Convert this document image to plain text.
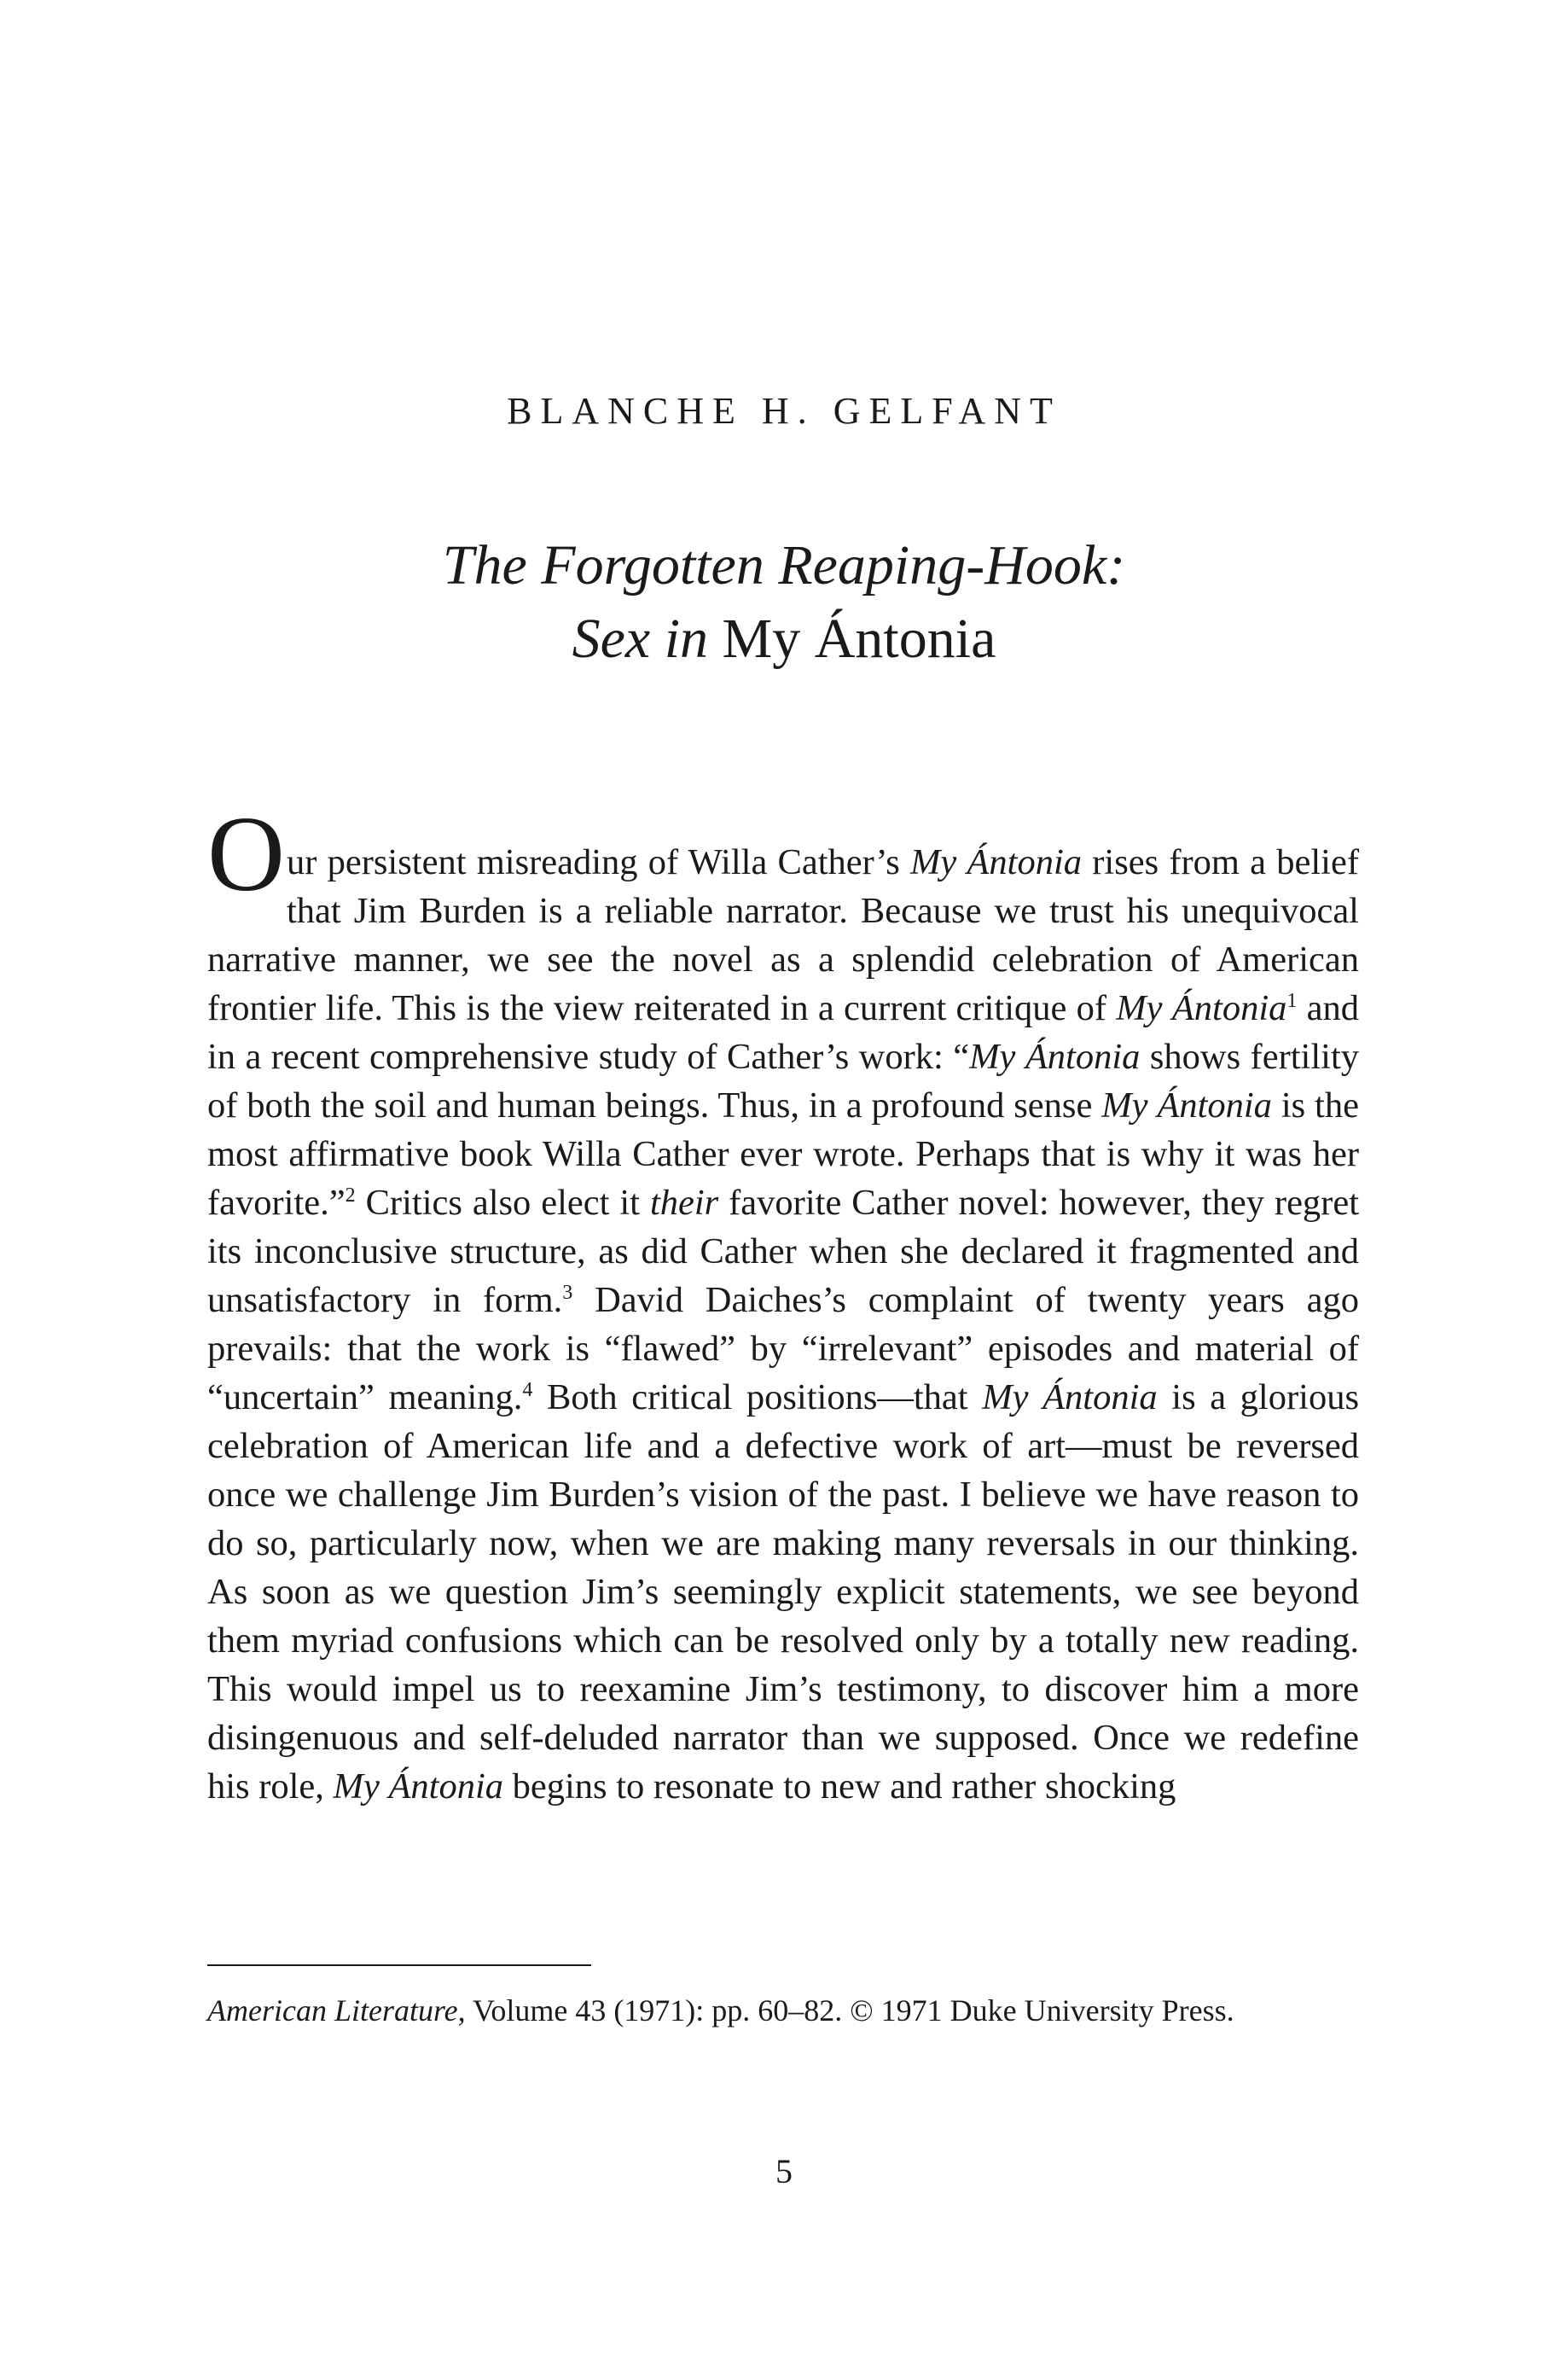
BLANCHE H. GELFANT
The Forgotten Reaping-Hook:
Sex in My Ántonia
Our persistent misreading of Willa Cather’s My Ántonia rises from a belief that Jim Burden is a reliable narrator. Because we trust his unequivocal narrative manner, we see the novel as a splendid celebration of American frontier life. This is the view reiterated in a current critique of My Ántonia$^1$ and in a recent comprehensive study of Cather’s work: “My Ántonia shows fertility of both the soil and human beings. Thus, in a profound sense My Ántonia is the most affirmative book Willa Cather ever wrote. Perhaps that is why it was her favorite.”$^2$ Critics also elect it their favorite Cather novel: however, they regret its inconclusive structure, as did Cather when she declared it fragmented and unsatisfactory in form.$^3$ David Daiches’s complaint of twenty years ago prevails: that the work is “flawed” by “irrelevant” episodes and material of “uncertain” meaning.$^4$ Both critical positions—that My Ántonia is a glorious celebration of American life and a defective work of art—must be reversed once we challenge Jim Burden’s vision of the past. I believe we have reason to do so, particularly now, when we are making many reversals in our thinking. As soon as we question Jim’s seemingly explicit statements, we see beyond them myriad confusions which can be resolved only by a totally new reading. This would impel us to reexamine Jim’s testimony, to discover him a more disingenuous and self-deluded narrator than we supposed. Once we redefine his role, My Ántonia begins to resonate to new and rather shocking
American Literature, Volume 43 (1971): pp. 60–82. © 1971 Duke University Press.
5
